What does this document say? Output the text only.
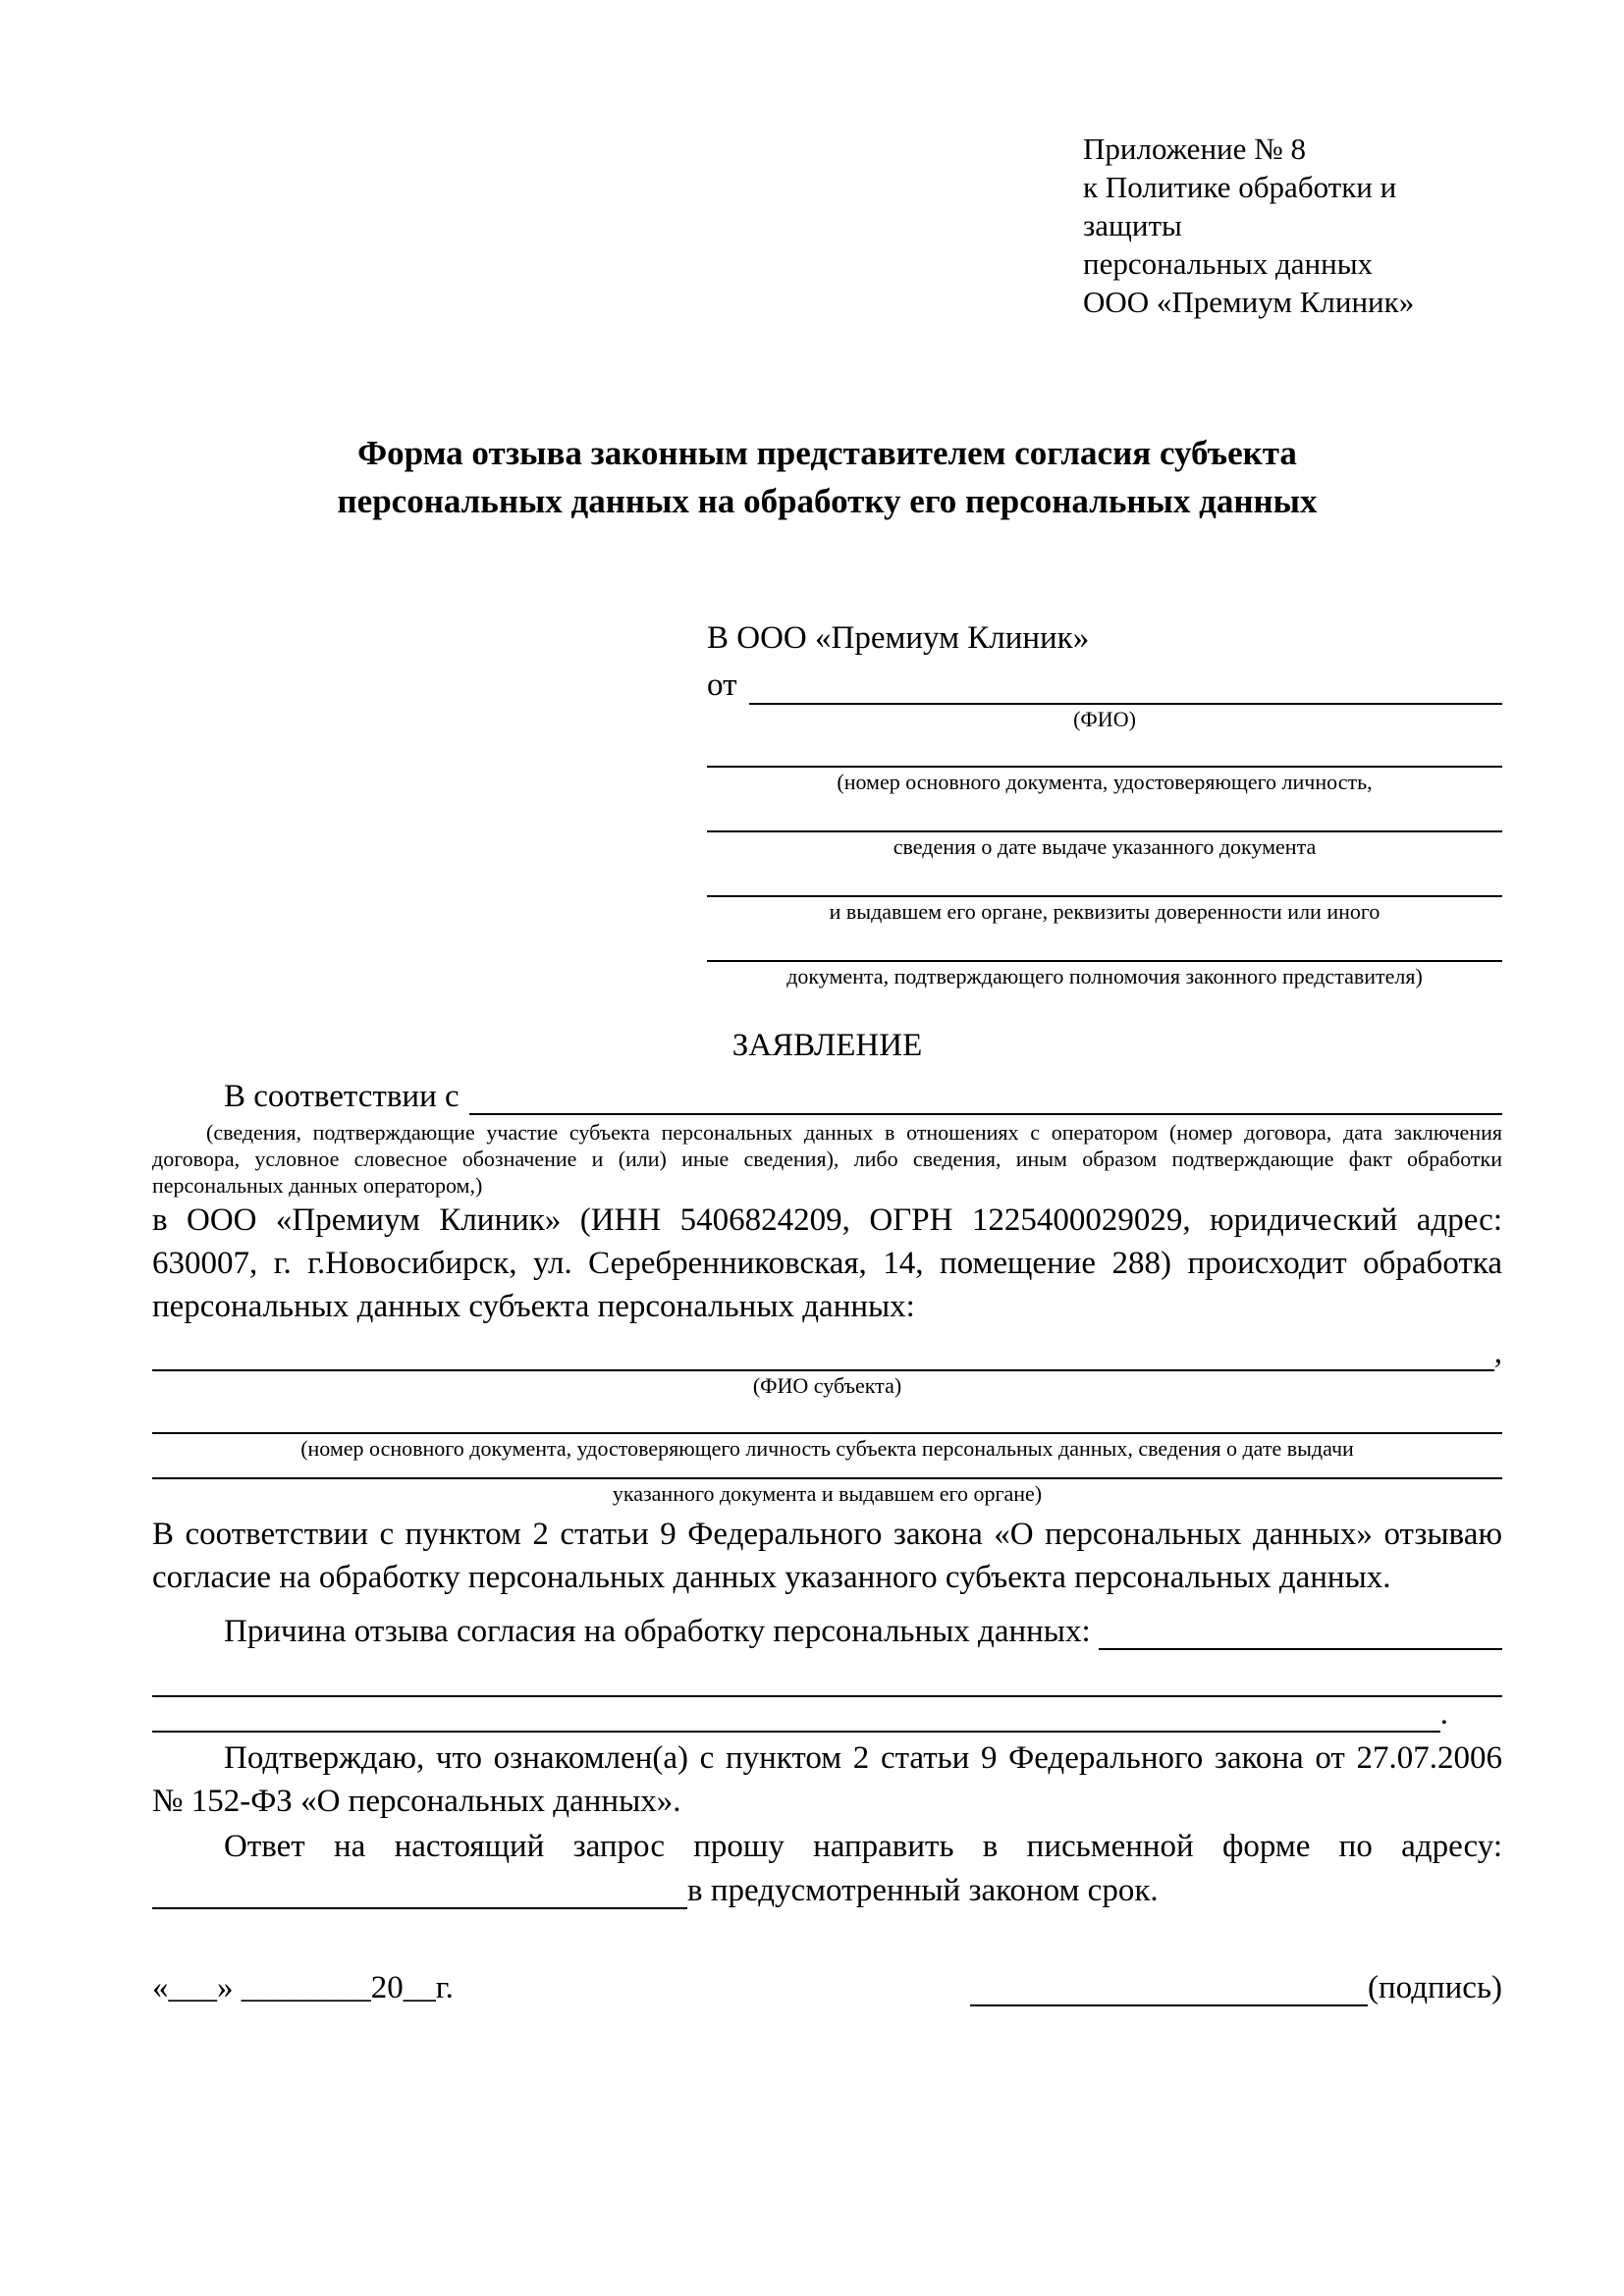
Приложение № 8
к Политике обработки и защиты
персональных данных
ООО «Премиум Клиник»
Форма отзыва законным представителем согласия субъекта персональных данных на обработку его персональных данных
В ООО «Премиум Клиник»
от
(ФИО)
(номер основного документа, удостоверяющего личность,
сведения о дате выдаче указанного документа
и выдавшем его органе, реквизиты доверенности или иного
документа, подтверждающего полномочия законного представителя)
ЗАЯВЛЕНИЕ
В соответствии с
(сведения, подтверждающие участие субъекта персональных данных в отношениях с оператором (номер договора, дата заключения договора, условное словесное обозначение и (или) иные сведения), либо сведения, иным образом подтверждающие факт обработки персональных данных оператором,)
в ООО «Премиум Клиник» (ИНН 5406824209, ОГРН 1225400029029, юридический адрес: 630007, г. г.Новосибирск, ул. Серебренниковская, 14, помещение 288) происходит обработка персональных данных субъекта персональных данных:
,
(ФИО субъекта)
(номер основного документа, удостоверяющего личность субъекта персональных данных, сведения о дате выдачи
указанного документа и выдавшем его органе)
В соответствии с пунктом 2 статьи 9 Федерального закона «О персональных данных» отзываю согласие на обработку персональных данных указанного субъекта персональных данных.
Причина отзыва согласия на обработку персональных данных:
.
Подтверждаю, что ознакомлен(а) с пунктом 2 статьи 9 Федерального закона от 27.07.2006 № 152-ФЗ «О персональных данных».
Ответ на настоящий запрос прошу направить в письменной форме по адресу:
в предусмотренный законом срок.
«___» ________20__г.	(подпись)
